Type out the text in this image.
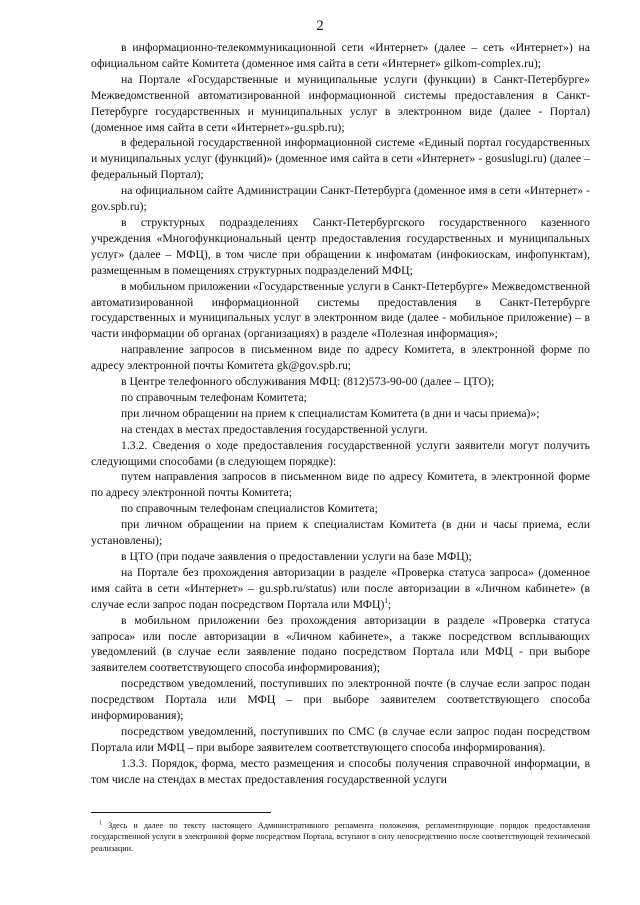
2

в информационно-телекоммуникационной сети «Интернет» (далее – сеть «Интернет») на официальном сайте Комитета (доменное имя сайта в сети «Интернет» gilkom-complex.ru);

на Портале «Государственные и муниципальные услуги (функции) в Санкт-Петербурге» Межведомственной автоматизированной информационной системы предоставления в Санкт-Петербурге государственных и муниципальных услуг в электронном виде (далее - Портал) (доменное имя сайта в сети «Интернет»-gu.spb.ru);

в федеральной государственной информационной системе «Единый портал государственных и муниципальных услуг (функций)» (доменное имя сайта в сети «Интернет» - gosuslugi.ru) (далее – федеральный Портал);

на официальном сайте Администрации Санкт-Петербурга (доменное имя в сети «Интернет» - gov.spb.ru);

в структурных подразделениях Санкт-Петербургского государственного казенного учреждения «Многофункциональный центр предоставления государственных и муниципальных услуг» (далее – МФЦ), в том числе при обращении к инфоматам (инфокиоскам, инфопунктам), размещенным в помещениях структурных подразделений МФЦ;

в мобильном приложении «Государственные услуги в Санкт-Петербурге» Межведомственной автоматизированной информационной системы предоставления в Санкт-Петербурге государственных и муниципальных услуг в электронном виде (далее - мобильное приложение) – в части информации об органах (организациях) в разделе «Полезная информация»;

направление запросов в письменном виде по адресу Комитета, в электронной форме по адресу электронной почты Комитета gk@gov.spb.ru;

в Центре телефонного обслуживания МФЦ: (812)573-90-00 (далее – ЦТО);

по справочным телефонам Комитета;

при личном обращении на прием к специалистам Комитета (в дни и часы приема)»;

на стендах в местах предоставления государственной услуги.

1.3.2. Сведения о ходе предоставления государственной услуги заявители могут получить следующими способами (в следующем порядке):

путем направления запросов в письменном виде по адресу Комитета, в электронной форме по адресу электронной почты Комитета;

по справочным телефонам специалистов Комитета;

при личном обращении на прием к специалистам Комитета (в дни и часы приема, если установлены);

в ЦТО (при подаче заявления о предоставлении услуги на базе МФЦ);

на Портале без прохождения авторизации в разделе «Проверка статуса запроса» (доменное имя сайта в сети «Интернет» – gu.spb.ru/status) или после авторизации в «Личном кабинете» (в случае если запрос подан посредством Портала или МФЦ)$^1$;

в мобильном приложении без прохождения авторизации в разделе «Проверка статуса запроса» или после авторизации в «Личном кабинете», а также посредством всплывающих уведомлений (в случае если заявление подано посредством Портала или МФЦ - при выборе заявителем соответствующего способа информирования);

посредством уведомлений, поступивших по электронной почте (в случае если запрос подан посредством Портала или МФЦ – при выборе заявителем соответствующего способа информирования);

посредством уведомлений, поступивших по СМС (в случае если запрос подан посредством Портала или МФЦ – при выборе заявителем соответствующего способа информирования).

1.3.3. Порядок, форма, место размещения и способы получения справочной информации, в том числе на стендах в местах предоставления государственной услуги

$^1$ Здесь и далее по тексту настоящего Административного регламента положения, регламентирующие порядок предоставления государственной услуги в электронной форме посредством Портала, вступают в силу непосредственно после соответствующей технической реализации.
